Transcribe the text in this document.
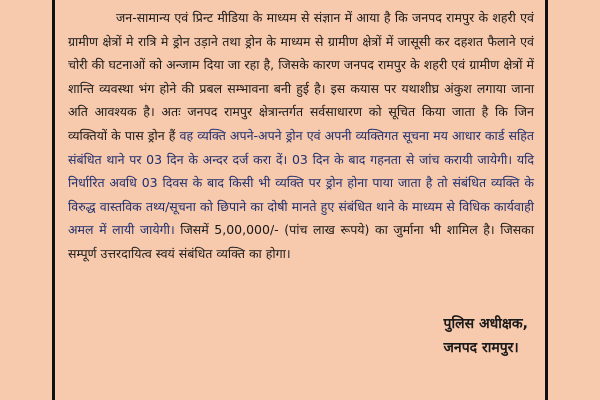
जन-सामान्य एवं प्रिन्ट मीडिया के माध्यम से संज्ञान में आया है कि जनपद रामपुर के शहरी एवं ग्रामीण क्षेत्रों मे रात्रि मे ड्रोन उड़ाने तथा ड्रोन के माध्यम से ग्रामीण क्षेत्रों में जासूसी कर दहशत फैलाने एवं चोरी की घटनाओं को अन्जाम दिया जा रहा है, जिसके कारण जनपद रामपुर के शहरी एवं ग्रामीण क्षेत्रों में शान्ति व्यवस्था भंग होने की प्रबल सम्भावना बनी हुई है। इस कयास पर यथाशीघ्र अंकुश लगाया जाना अति आवश्यक है। अतः जनपद रामपुर क्षेत्रान्तर्गत सर्वसाधारण को सूचित किया जाता है कि जिन व्यक्तियों के पास ड्रोन हैं वह व्यक्ति अपने-अपने ड्रोन एवं अपनी व्यक्तिगत सूचना मय आधार कार्ड सहित संबंधित थाने पर 03 दिन के अन्दर दर्ज करा दें। 03 दिन के बाद गहनता से जांच करायी जायेगी। यदि निर्धारित अवधि 03 दिवस के बाद किसी भी व्यक्ति पर ड्रोन होना पाया जाता है तो संबंधित व्यक्ति के विरुद्ध वास्तविक तथ्य/सूचना को छिपाने का दोषी मानते हुए संबंधित थाने के माध्यम से विधिक कार्यवाही अमल में लायी जायेगी। जिसमें 5,00,000/- (पांच लाख रूपये) का जुर्माना भी शामिल है। जिसका सम्पूर्ण उत्तरदायित्व स्वयं संबंधित व्यक्ति का होगा।

पुलिस अधीक्षक,
जनपद रामपुर।
